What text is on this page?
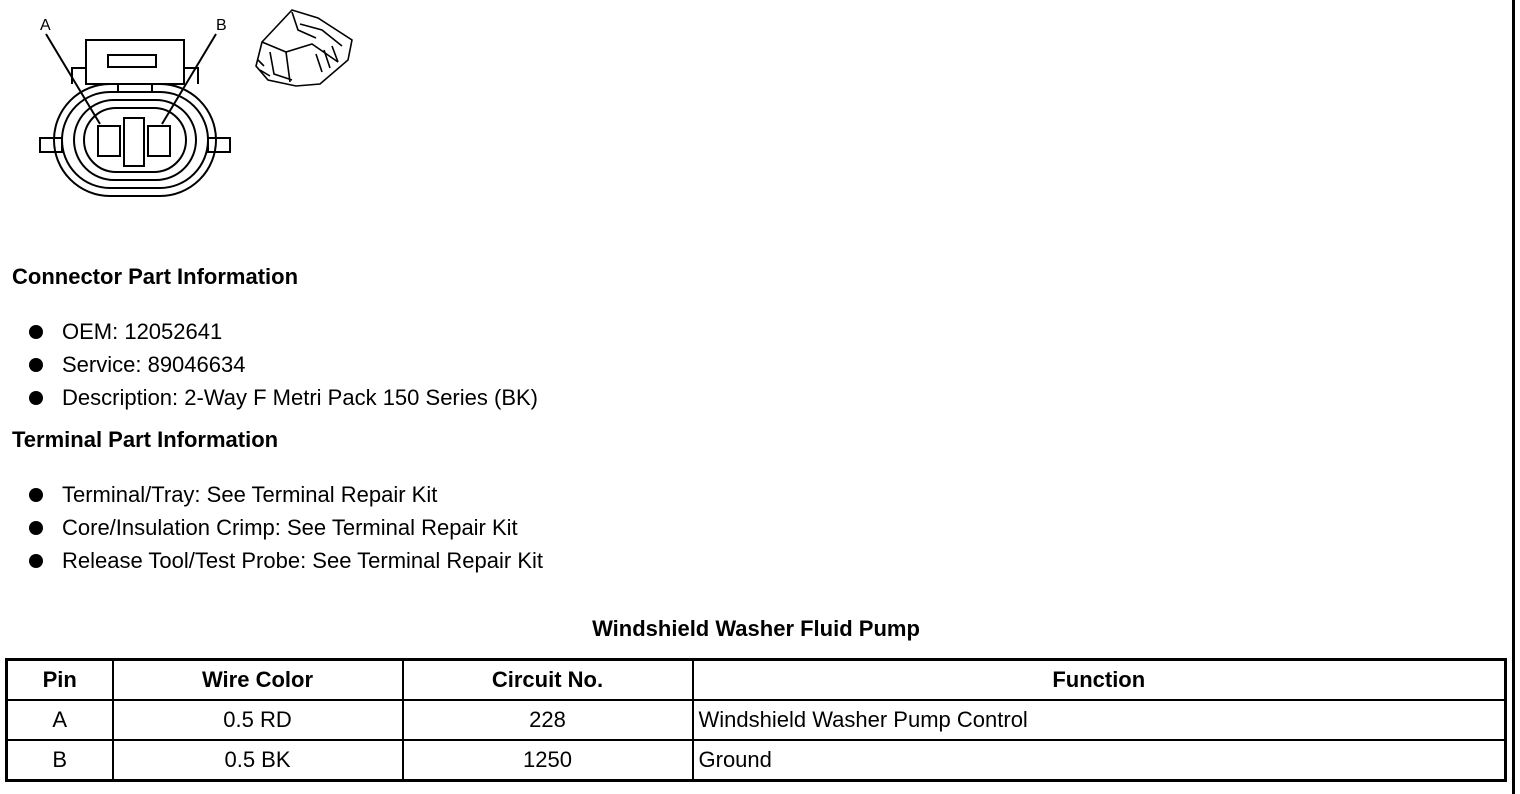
A	B
Connector Part Information
OEM: 12052641
Service: 89046634
Description: 2-Way F Metri Pack 150 Series (BK)
Terminal Part Information
Terminal/Tray: See Terminal Repair Kit
Core/Insulation Crimp: See Terminal Repair Kit
Release Tool/Test Probe: See Terminal Repair Kit
Windshield Washer Fluid Pump
Pin	Wire Color	Circuit No.	Function
A	0.5 RD	228	Windshield Washer Pump Control
B	0.5 BK	1250	Ground
